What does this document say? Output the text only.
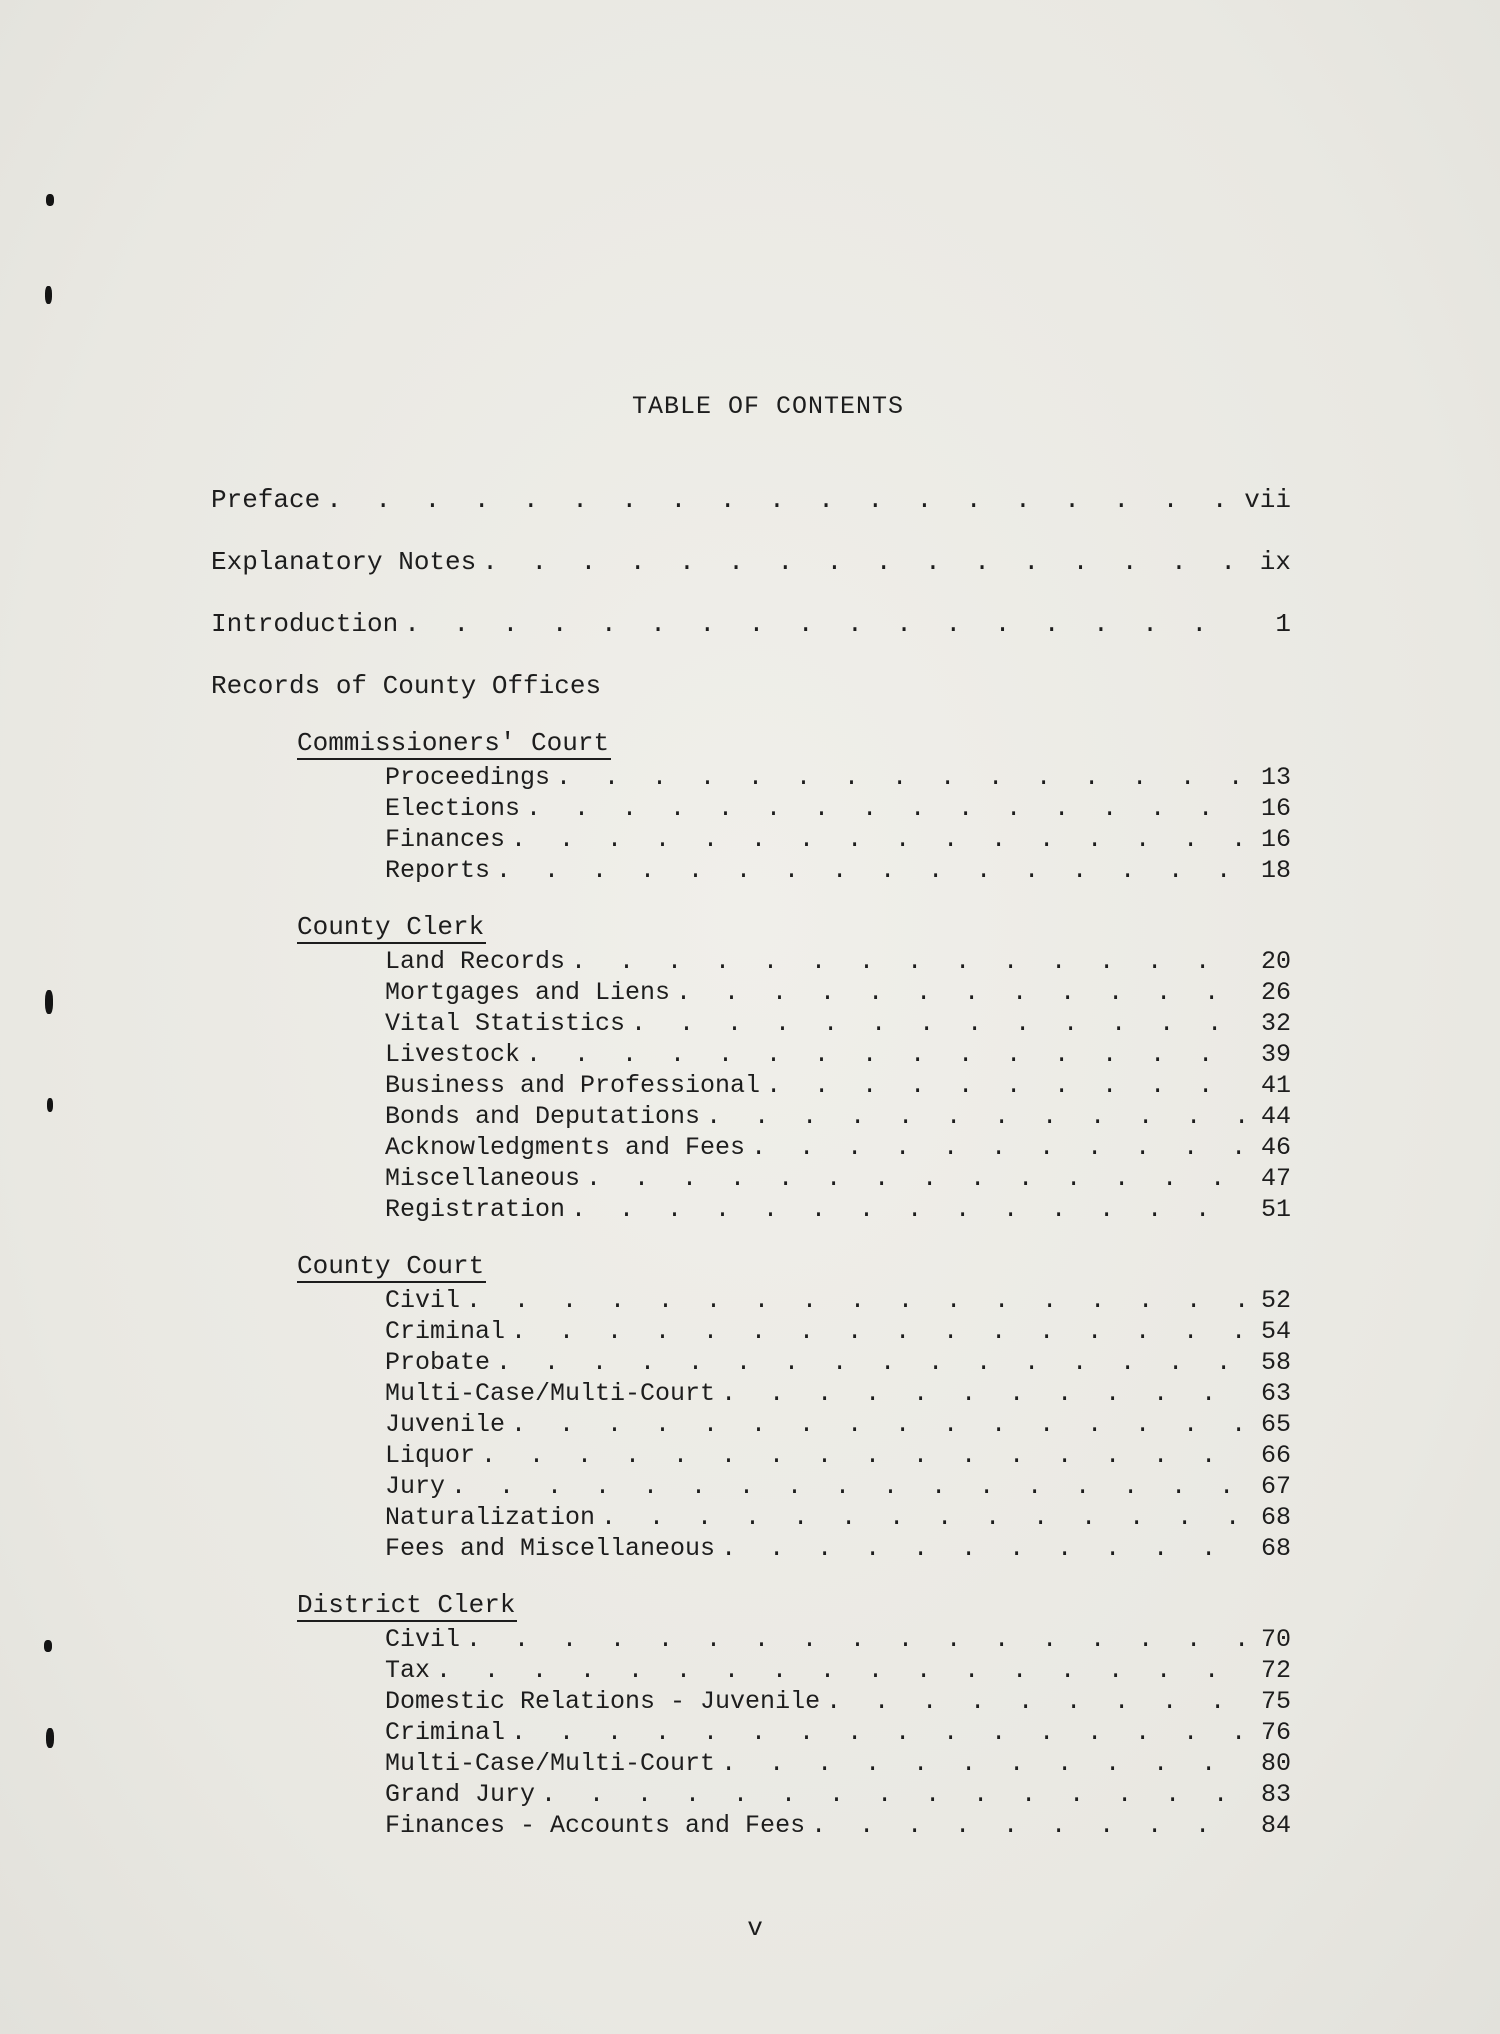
TABLE OF CONTENTS
Preface . . .	vii
Explanatory Notes . . .	ix
Introduction . . .	1
Records of County Offices
Commissioners' Court
Proceedings . . .	13
Elections . . .	16
Finances . . .	16
Reports . . .	18
County Clerk
Land Records . . .	20
Mortgages and Liens . . .	26
Vital Statistics . . .	32
Livestock . . .	39
Business and Professional . . .	41
Bonds and Deputations . . .	44
Acknowledgments and Fees . . .	46
Miscellaneous . . .	47
Registration . . .	51
County Court
Civil . . .	52
Criminal . . .	54
Probate . . .	58
Multi-Case/Multi-Court . . .	63
Juvenile . . .	65
Liquor . . .	66
Jury . . .	67
Naturalization . . .	68
Fees and Miscellaneous . . .	68
District Clerk
Civil . . .	70
Tax . . .	72
Domestic Relations - Juvenile . . .	75
Criminal . . .	76
Multi-Case/Multi-Court . . .	80
Grand Jury . . .	83
Finances - Accounts and Fees . . .	84
v
